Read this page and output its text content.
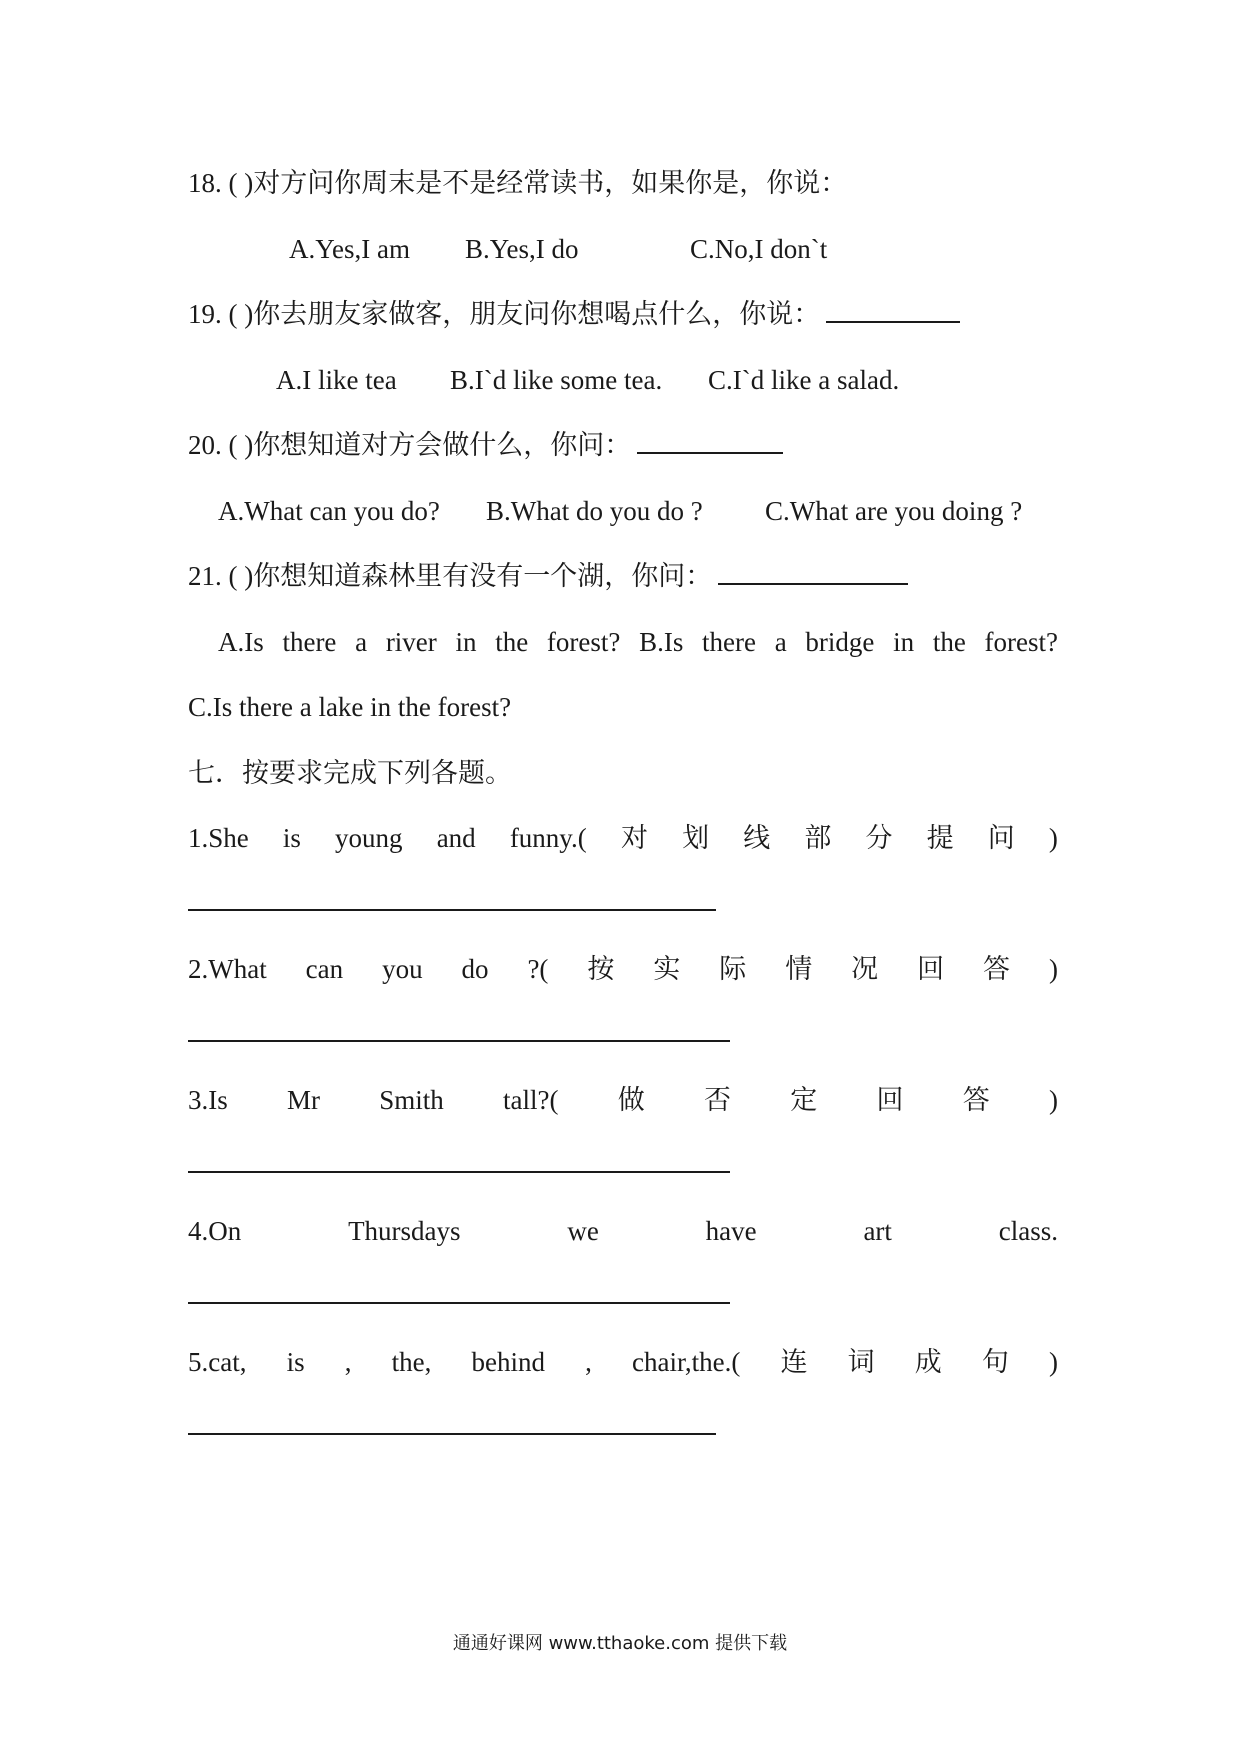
18. ( )对方问你周末是不是经常读书，如果你是，你说：
A.Yes,I am B.Yes,I do	C.No,I don`t
19. ( )你去朋友家做客，朋友问你想喝点什么，你说：
A.I like tea B.I`d like some tea. C.I`d like a salad.
20. ( )你想知道对方会做什么，你问：
A.What can you do? B.What do you do ? C.What are you doing ?
21. ( )你想知道森林里有没有一个湖，你问：
A.Is there a river in the forest? B.Is there a bridge in the forest?
C.Is there a lake in the forest?
七．按要求完成下列各题。
1.She is young and funny.( 对 划 线 部 分 提 问 )
2.What can you do ?( 按 实 际 情 况 回 答 )
3.Is Mr Smith tall?( 做 否 定 回 答 )
4.On	Thursdays	we	have	art	class.
5.cat, is , the, behind , chair,the.( 连 词 成 句 )
通通好课网 www.tthaoke.com 提供下载
